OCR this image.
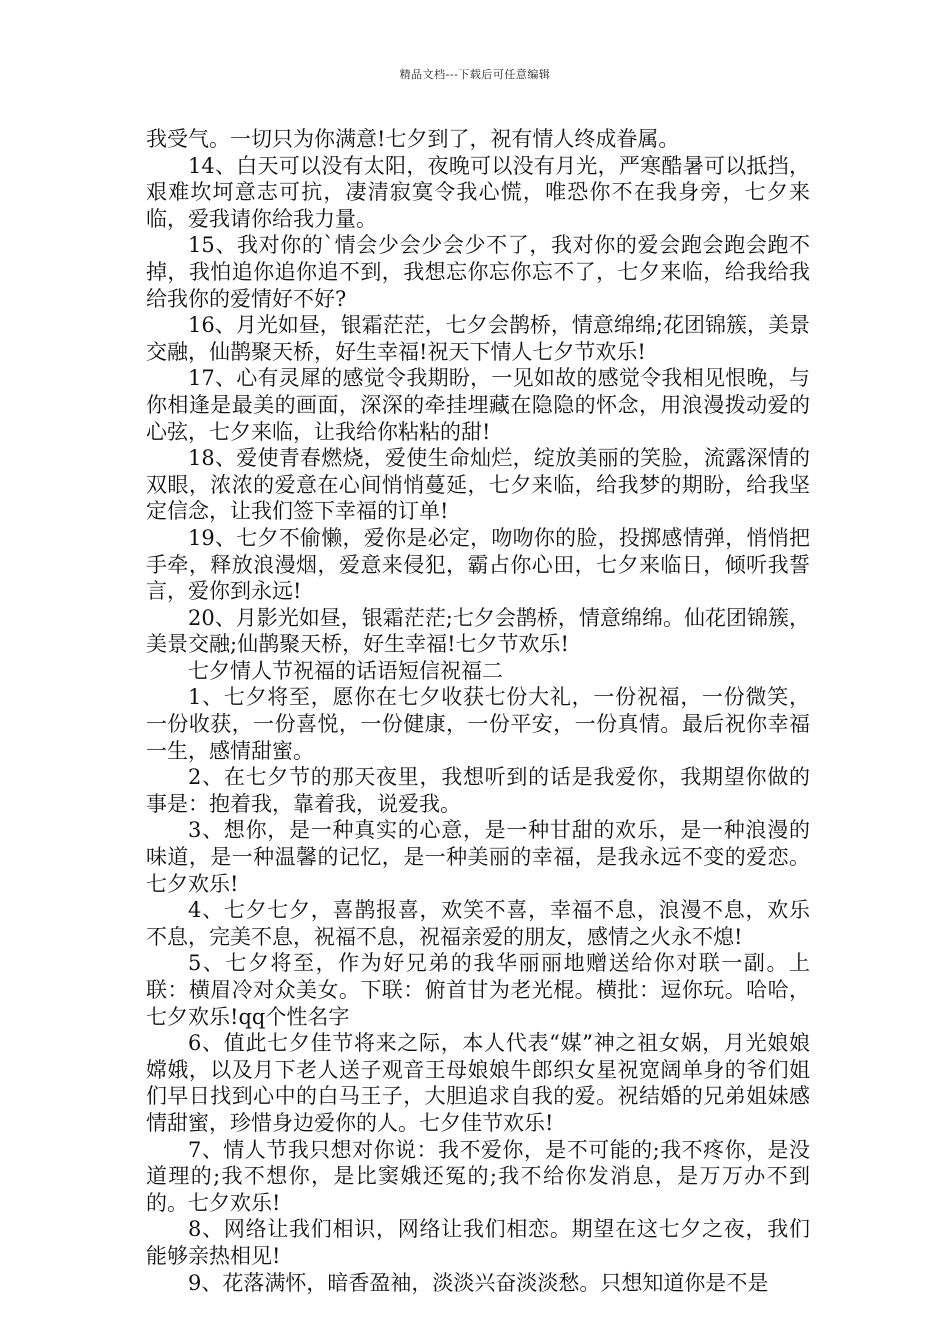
精品文档---下载后可任意编辑

我受气。一切只为你满意!七夕到了，祝有情人终成眷属。

14、白天可以没有太阳，夜晚可以没有月光，严寒酷暑可以抵挡，艰难坎坷意志可抗，凄清寂寞令我心慌，唯恐你不在我身旁，七夕来临，爱我请你给我力量。

15、我对你的`情会少会少会少不了，我对你的爱会跑会跑会跑不掉，我怕追你追你追不到，我想忘你忘你忘不了，七夕来临，给我给我给我你的爱情好不好?

16、月光如昼，银霜茫茫，七夕会鹊桥，情意绵绵;花团锦簇，美景交融，仙鹊聚天桥，好生幸福!祝天下情人七夕节欢乐!

17、心有灵犀的感觉令我期盼，一见如故的感觉令我相见恨晚，与你相逢是最美的画面，深深的牵挂埋藏在隐隐的怀念，用浪漫拨动爱的心弦，七夕来临，让我给你粘粘的甜!

18、爱使青春燃烧，爱使生命灿烂，绽放美丽的笑脸，流露深情的双眼，浓浓的爱意在心间悄悄蔓延，七夕来临，给我梦的期盼，给我坚定信念，让我们签下幸福的订单!

19、七夕不偷懒，爱你是必定，吻吻你的脸，投掷感情弹，悄悄把手牵，释放浪漫烟，爱意来侵犯，霸占你心田，七夕来临日，倾听我誓言，爱你到永远!

20、月影光如昼，银霜茫茫;七夕会鹊桥，情意绵绵。仙花团锦簇，美景交融;仙鹊聚天桥，好生幸福!七夕节欢乐!

七夕情人节祝福的话语短信祝福二

1、七夕将至，愿你在七夕收获七份大礼，一份祝福，一份微笑，一份收获，一份喜悦，一份健康，一份平安，一份真情。最后祝你幸福一生，感情甜蜜。

2、在七夕节的那天夜里，我想听到的话是我爱你，我期望你做的事是：抱着我，靠着我，说爱我。

3、想你，是一种真实的心意，是一种甘甜的欢乐，是一种浪漫的味道，是一种温馨的记忆，是一种美丽的幸福，是我永远不变的爱恋。七夕欢乐!

4、七夕七夕，喜鹊报喜，欢笑不喜，幸福不息，浪漫不息，欢乐不息，完美不息，祝福不息，祝福亲爱的朋友，感情之火永不熄!

5、七夕将至，作为好兄弟的我华丽丽地赠送给你对联一副。上联：横眉冷对众美女。下联：俯首甘为老光棍。横批：逗你玩。哈哈，七夕欢乐!qq个性名字

6、值此七夕佳节将来之际，本人代表“媒”神之祖女娲，月光娘娘嫦娥，以及月下老人送子观音王母娘娘牛郎织女星祝宽阔单身的爷们姐们早日找到心中的白马王子，大胆追求自我的爱。祝结婚的兄弟姐妹感情甜蜜，珍惜身边爱你的人。七夕佳节欢乐!

7、情人节我只想对你说：我不爱你，是不可能的;我不疼你，是没道理的;我不想你，是比窦娥还冤的;我不给你发消息，是万万办不到的。七夕欢乐!

8、网络让我们相识，网络让我们相恋。期望在这七夕之夜，我们能够亲热相见!

9、花落满怀，暗香盈袖，淡淡兴奋淡淡愁。只想知道你是不是
